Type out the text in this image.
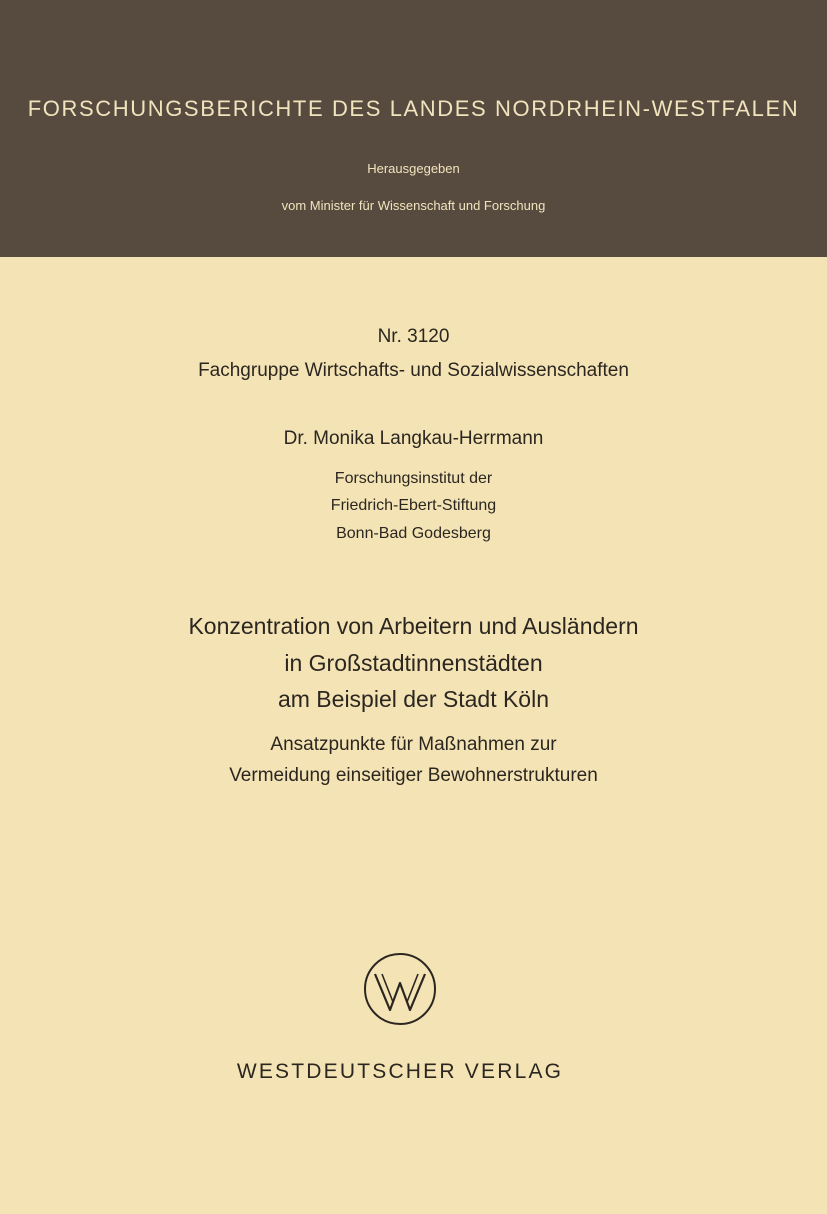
FORSCHUNGSBERICHTE DES LANDES NORDRHEIN-WESTFALEN
Herausgegeben
vom Minister für Wissenschaft und Forschung
Nr. 3120
Fachgruppe Wirtschafts- und Sozialwissenschaften
Dr. Monika Langkau-Herrmann
Forschungsinstitut der
Friedrich-Ebert-Stiftung
Bonn-Bad Godesberg
Konzentration von Arbeitern und Ausländern
in Großstadtinnenstädten
am Beispiel der Stadt Köln
Ansatzpunkte für Maßnahmen zur
Vermeidung einseitiger Bewohnerstrukturen
WESTDEUTSCHER VERLAG
